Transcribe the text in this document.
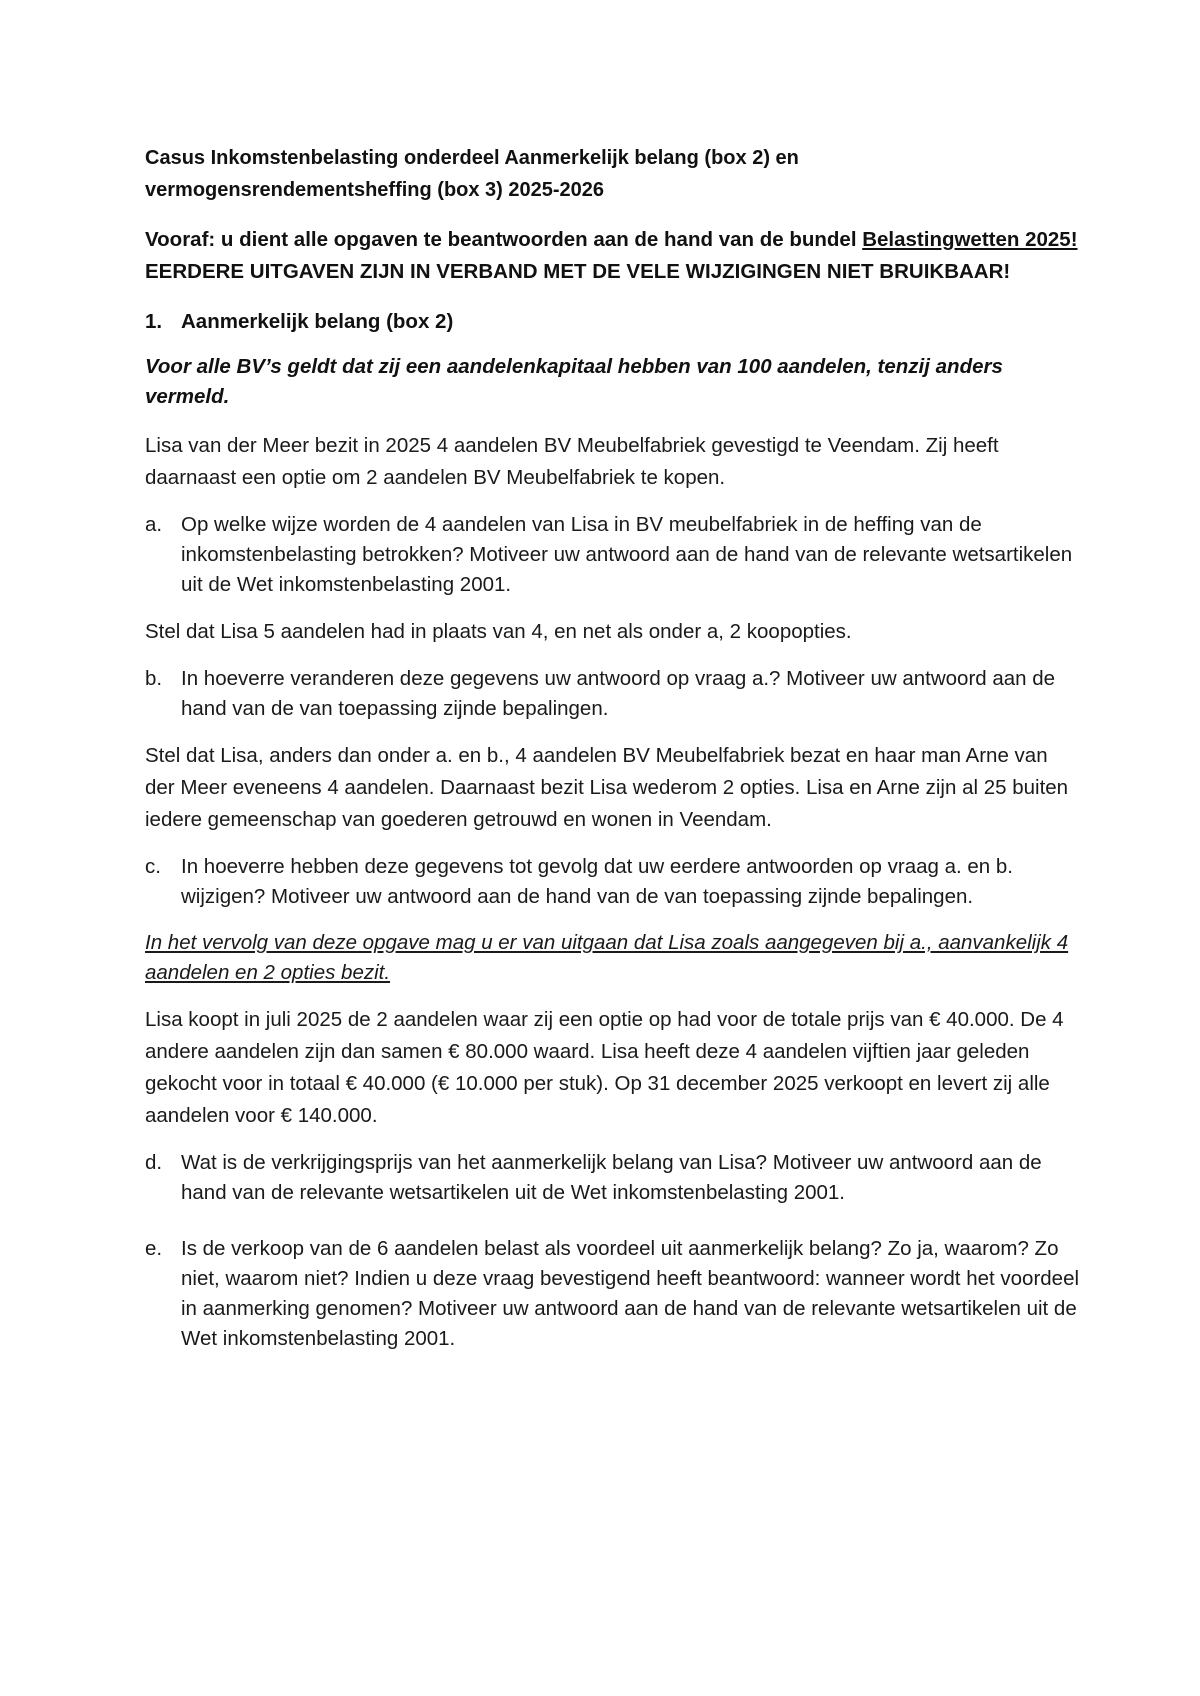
Casus Inkomstenbelasting onderdeel Aanmerkelijk belang (box 2) en vermogensrendementsheffing (box 3) 2025-2026
Vooraf: u dient alle opgaven te beantwoorden aan de hand van de bundel Belastingwetten 2025! EERDERE UITGAVEN ZIJN IN VERBAND MET DE VELE WIJZIGINGEN NIET BRUIKBAAR!
1. Aanmerkelijk belang (box 2)
Voor alle BV’s geldt dat zij een aandelenkapitaal hebben van 100 aandelen, tenzij anders vermeld.
Lisa van der Meer bezit in 2025 4 aandelen BV Meubelfabriek gevestigd te Veendam. Zij heeft daarnaast een optie om 2 aandelen BV Meubelfabriek te kopen.
a. Op welke wijze worden de 4 aandelen van Lisa in BV meubelfabriek in de heffing van de inkomstenbelasting betrokken? Motiveer uw antwoord aan de hand van de relevante wetsartikelen uit de Wet inkomstenbelasting 2001.
Stel dat Lisa 5 aandelen had in plaats van 4, en net als onder a, 2 koopopties.
b. In hoeverre veranderen deze gegevens uw antwoord op vraag a.? Motiveer uw antwoord aan de hand van de van toepassing zijnde bepalingen.
Stel dat Lisa, anders dan onder a. en b., 4 aandelen BV Meubelfabriek bezat en haar man Arne van der Meer eveneens 4 aandelen. Daarnaast bezit Lisa wederom 2 opties. Lisa en Arne zijn al 25 buiten iedere gemeenschap van goederen getrouwd en wonen in Veendam.
c. In hoeverre hebben deze gegevens tot gevolg dat uw eerdere antwoorden op vraag a. en b. wijzigen? Motiveer uw antwoord aan de hand van de van toepassing zijnde bepalingen.
In het vervolg van deze opgave mag u er van uitgaan dat Lisa zoals aangegeven bij a., aanvankelijk 4 aandelen en 2 opties bezit.
Lisa koopt in juli 2025 de 2 aandelen waar zij een optie op had voor de totale prijs van € 40.000. De 4 andere aandelen zijn dan samen € 80.000 waard. Lisa heeft deze 4 aandelen vijftien jaar geleden gekocht voor in totaal € 40.000 (€ 10.000 per stuk). Op 31 december 2025 verkoopt en levert zij alle aandelen voor € 140.000.
d. Wat is de verkrijgingsprijs van het aanmerkelijk belang van Lisa? Motiveer uw antwoord aan de hand van de relevante wetsartikelen uit de Wet inkomstenbelasting 2001.
e. Is de verkoop van de 6 aandelen belast als voordeel uit aanmerkelijk belang? Zo ja, waarom? Zo niet, waarom niet? Indien u deze vraag bevestigend heeft beantwoord: wanneer wordt het voordeel in aanmerking genomen? Motiveer uw antwoord aan de hand van de relevante wetsartikelen uit de Wet inkomstenbelasting 2001.
